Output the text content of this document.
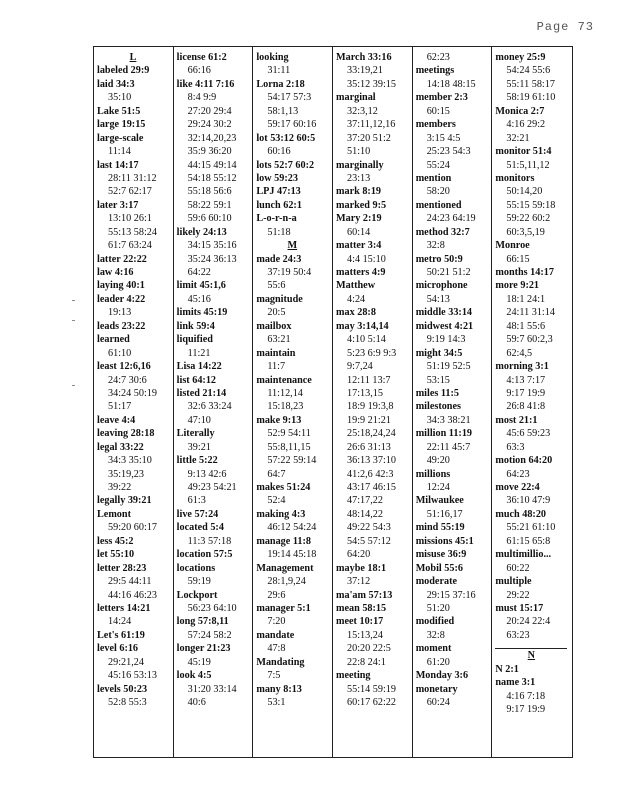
Page 73
L
labeled 29:9
laid 34:3
35:10
Lake 51:5
large 19:15
large-scale
11:14
last 14:17
28:11 31:12
52:7 62:17
later 3:17
13:10 26:1
55:13 58:24
61:7 63:24
latter 22:22
law 4:16
laying 40:1
leader 4:22
19:13
leads 23:22
learned
61:10
least 12:6,16
24:7 30:6
34:24 50:19
51:17
leave 4:4
leaving 28:18
legal 33:22
34:3 35:10
35:19,23
39:22
legally 39:21
Lemont
59:20 60:17
less 45:2
let 55:10
letter 28:23
29:5 44:11
44:16 46:23
letters 14:21
14:24
Let's 61:19
level 6:16
29:21,24
45:16 53:13
levels 50:23
52:8 55:3
license 61:2
66:16
like 4:11 7:16
8:4 9:9
27:20 29:4
29:24 30:2
32:14,20,23
35:9 36:20
44:15 49:14
54:18 55:12
55:18 56:6
58:22 59:1
59:6 60:10
likely 24:13
34:15 35:16
35:24 36:13
64:22
limit 45:1,6
45:16
limits 45:19
link 59:4
liquified
11:21
Lisa 14:22
list 64:12
listed 21:14
32:6 33:24
47:10
Literally
39:21
little 5:22
9:13 42:6
49:23 54:21
61:3
live 57:24
located 5:4
11:3 57:18
location 57:5
locations
59:19
Lockport
56:23 64:10
long 57:8,11
57:24 58:2
longer 21:23
45:19
look 4:5
31:20 33:14
40:6
looking
31:11
Lorna 2:18
54:17 57:3
58:1,13
59:17 60:16
lot 53:12 60:5
60:16
lots 52:7 60:2
low 59:23
LPJ 47:13
lunch 62:1
L-o-r-n-a
51:18
M
made 24:3
37:19 50:4
55:6
magnitude
20:5
mailbox
63:21
maintain
11:7
maintenance
11:12,14
15:18,23
make 9:13
52:9 54:11
55:8,11,15
57:22 59:14
64:7
makes 51:24
52:4
making 4:3
46:12 54:24
manage 11:8
19:14 45:18
Management
28:1,9,24
29:6
manager 5:1
7:20
mandate
47:8
Mandating
7:5
many 8:13
53:1
March 33:16
33:19,21
35:12 39:15
marginal
32:3,12
37:11,12,16
37:20 51:2
51:10
marginally
23:13
mark 8:19
marked 9:5
Mary 2:19
60:14
matter 3:4
4:4 15:10
matters 4:9
Matthew
4:24
max 28:8
may 3:14,14
4:10 5:14
5:23 6:9 9:3
9:7,24
12:11 13:7
17:13,15
18:9 19:3,8
19:9 21:21
25:18,24,24
26:6 31:13
36:13 37:10
41:2,6 42:3
43:17 46:15
47:17,22
48:14,22
49:22 54:3
54:5 57:12
64:20
maybe 18:1
37:12
ma'am 57:13
mean 58:15
meet 10:17
15:13,24
20:20 22:5
22:8 24:1
meeting
55:14 59:19
60:17 62:22
62:23
meetings
14:18 48:15
member 2:3
60:15
members
3:15 4:5
25:23 54:3
55:24
mention
58:20
mentioned
24:23 64:19
method 32:7
32:8
metro 50:9
50:21 51:2
microphone
54:13
middle 33:14
midwest 4:21
9:19 14:3
might 34:5
51:19 52:5
53:15
miles 11:5
milestones
34:3 38:21
million 11:19
22:11 45:7
49:20
millions
12:24
Milwaukee
51:16,17
mind 55:19
missions 45:1
misuse 36:9
Mobil 55:6
moderate
29:15 37:16
51:20
modified
32:8
moment
61:20
Monday 3:6
monetary
60:24
money 25:9
54:24 55:6
55:11 58:17
58:19 61:10
Monica 2:7
4:16 29:2
32:21
monitor 51:4
51:5,11,12
monitors
50:14,20
55:15 59:18
59:22 60:2
60:3,5,19
Monroe
66:15
months 14:17
more 9:21
18:1 24:1
24:11 31:14
48:1 55:6
59:7 60:2,3
62:4,5
morning 3:1
4:13 7:17
9:17 19:9
26:8 41:8
most 21:1
45:6 59:23
63:3
motion 64:20
64:23
move 22:4
36:10 47:9
much 48:20
55:21 61:10
61:15 65:8
multimillio...
60:22
multiple
29:22
must 15:17
20:24 22:4
63:23
N
N 2:1
name 3:1
4:16 7:18
9:17 19:9
